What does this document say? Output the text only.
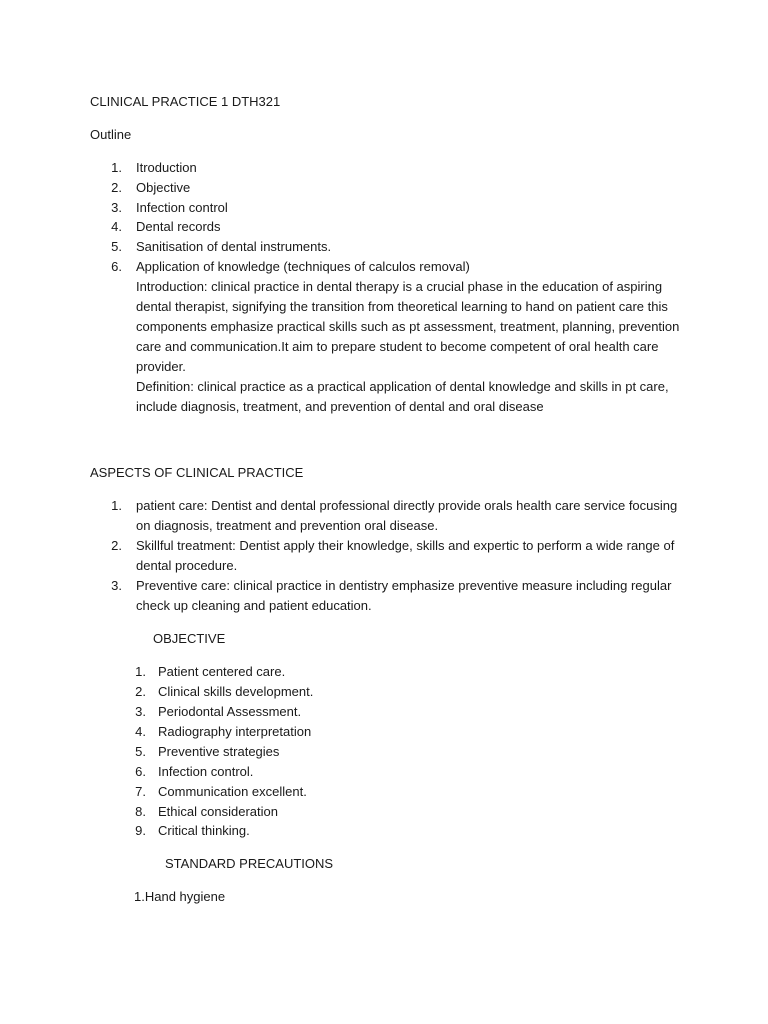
CLINICAL PRACTICE 1 DTH321
Outline
1. Itroduction
2. Objective
3. Infection control
4. Dental records
5. Sanitisation of dental instruments.
6. Application of knowledge (techniques of calculos removal)
Introduction: clinical practice in dental therapy is a crucial phase in the education of aspiring
dental therapist, signifying the transition from theoretical learning to hand on patient care this
components emphasize practical skills such as pt assessment, treatment, planning, prevention
care and communication.It aim to prepare student to become competent of oral health care
provider.
Definition: clinical practice as a practical application of dental knowledge and skills in pt care,
include diagnosis, treatment, and prevention of dental and oral disease
ASPECTS OF CLINICAL PRACTICE
1. patient care: Dentist and dental professional directly provide orals health care service focusing
on diagnosis, treatment and prevention oral disease.
2. Skillful treatment: Dentist apply their knowledge, skills and expertic to perform a wide range of
dental procedure.
3. Preventive care: clinical practice in dentistry emphasize preventive measure including regular
check up cleaning and patient education.
OBJECTIVE
1. Patient centered care.
2. Clinical skills development.
3. Periodontal Assessment.
4. Radiography interpretation
5. Preventive strategies
6. Infection control.
7. Communication excellent.
8. Ethical consideration
9. Critical thinking.
STANDARD PRECAUTIONS
1.Hand hygiene
